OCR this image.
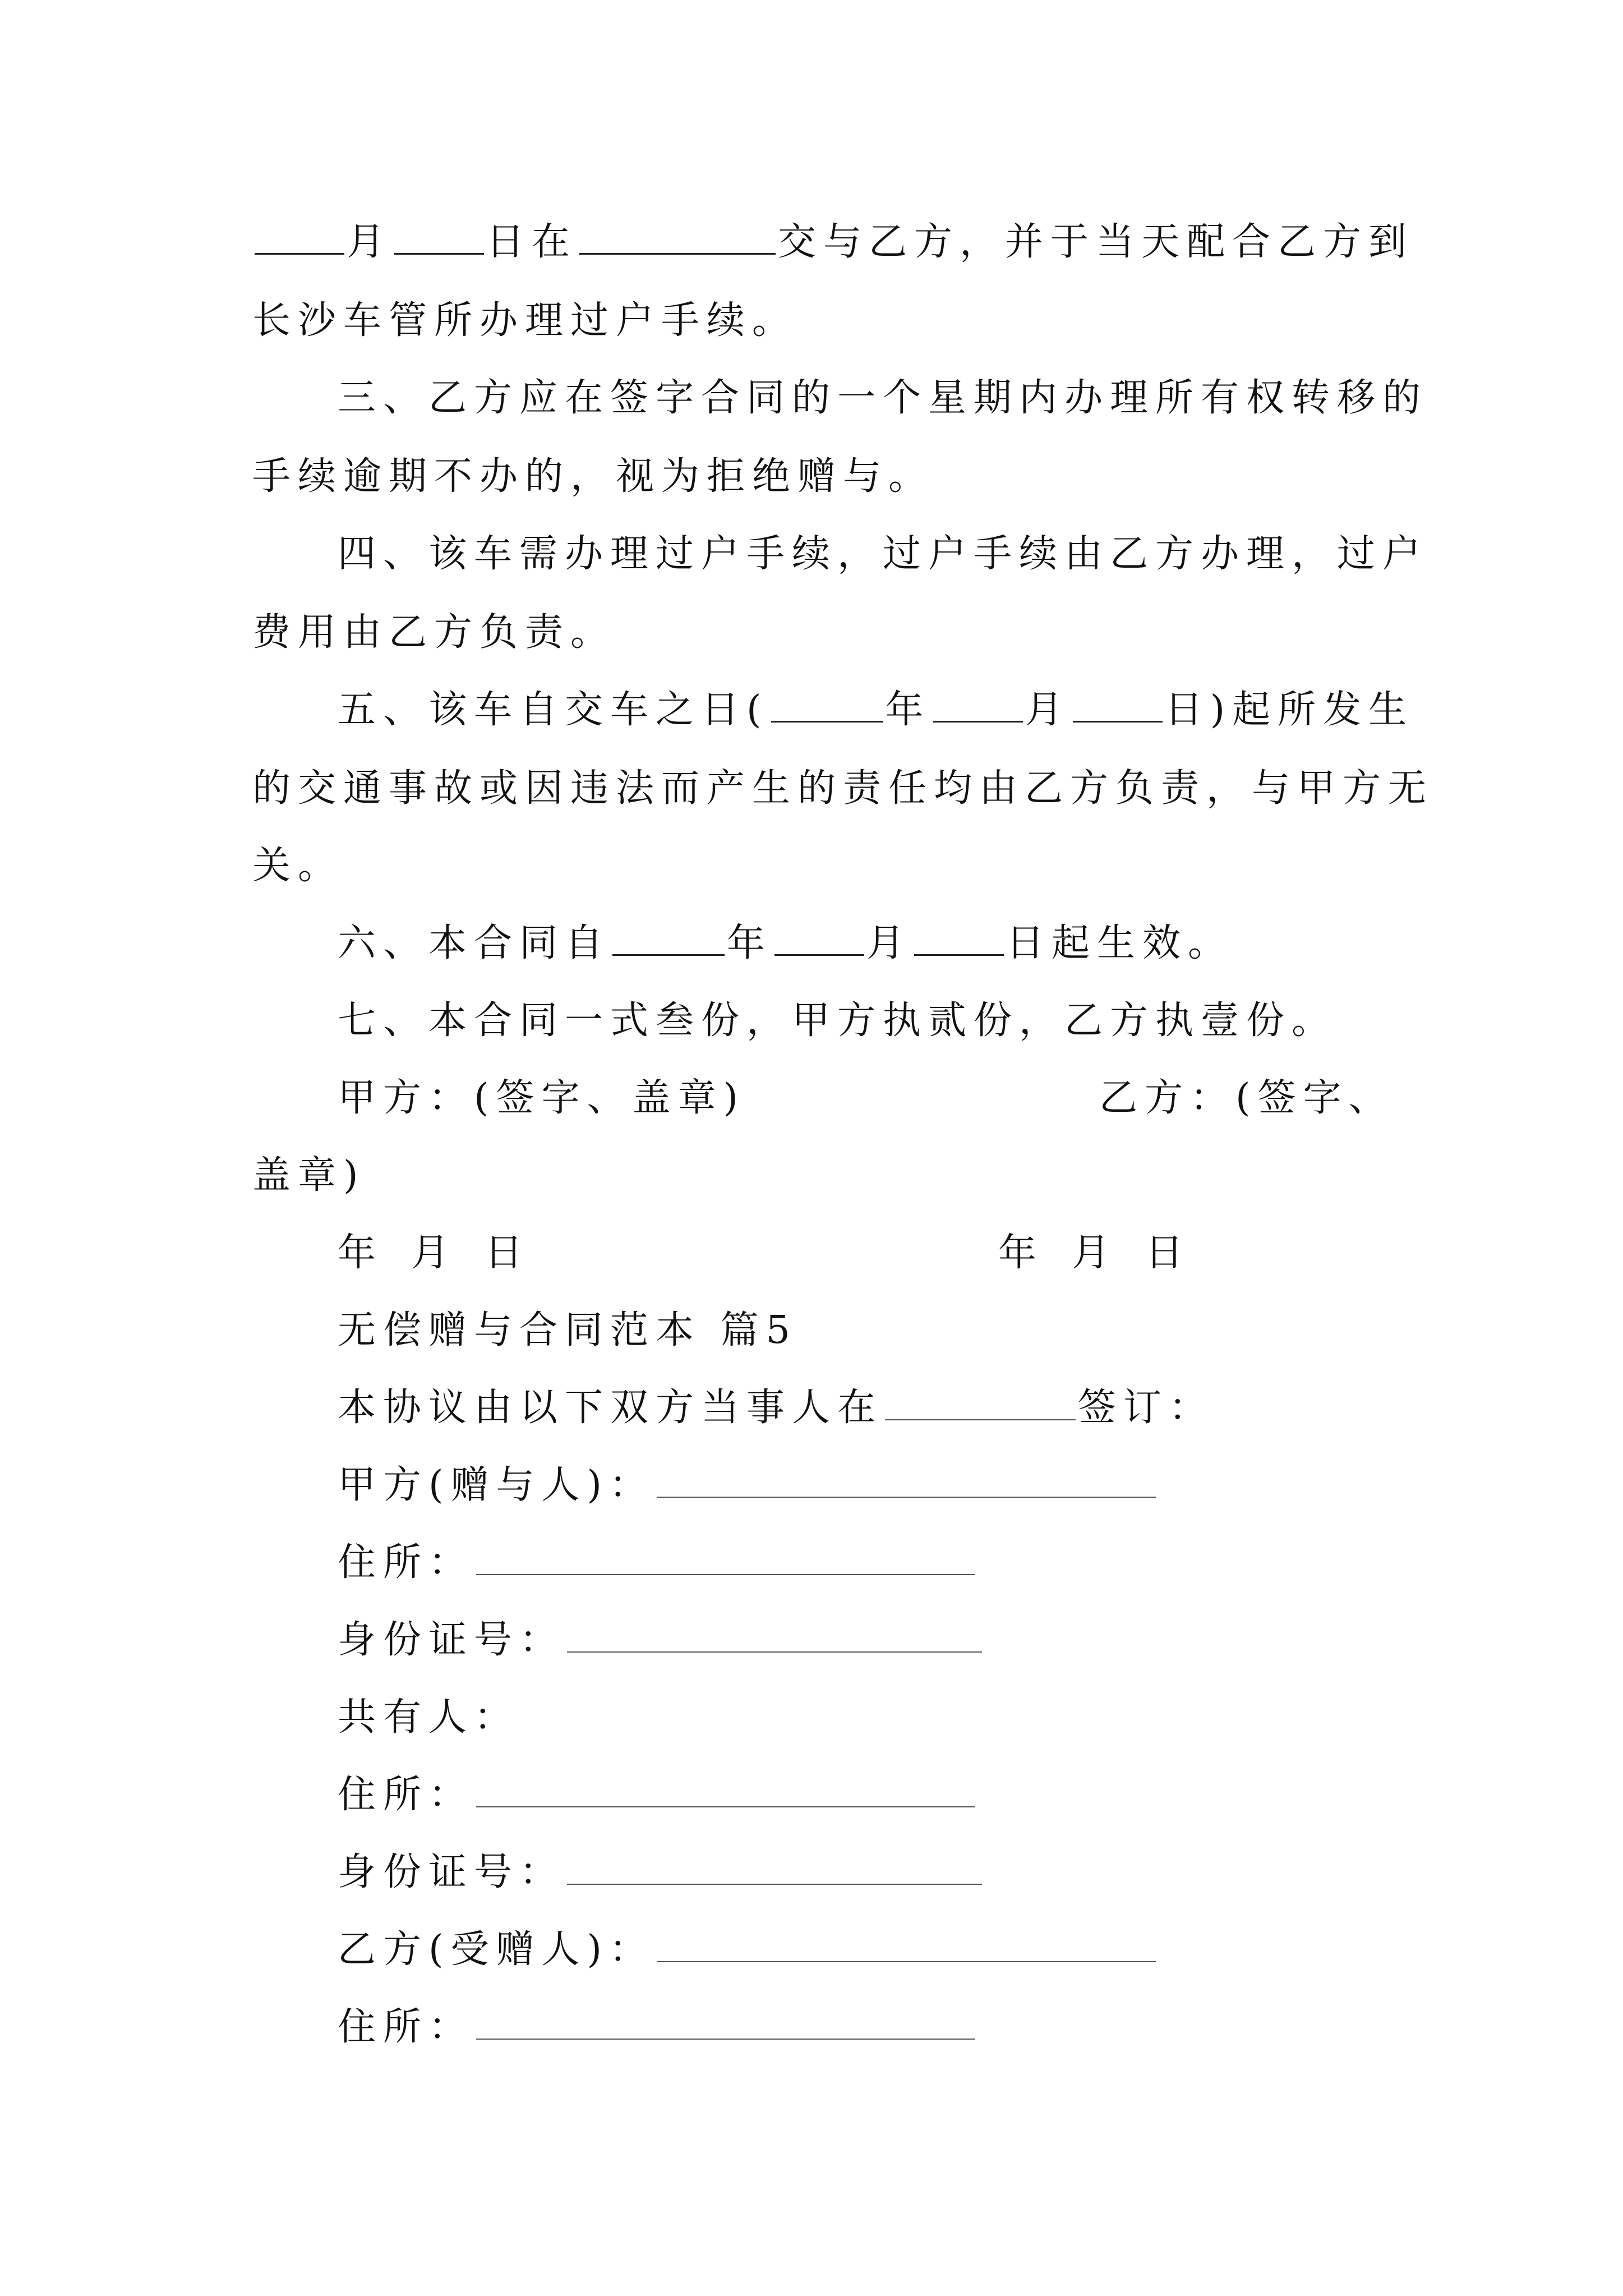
月 日在	交与乙方，并于当天配合乙方到
长沙车管所办理过户手续。
三、乙方应在签字合同的一个星期内办理所有权转移的
手续逾期不办的，视为拒绝赠与。
四、该车需办理过户手续，过户手续由乙方办理，过户
费用由乙方负责。
五、该车自交车之日(	年 月 日)起所发生
的交通事故或因违法而产生的责任均由乙方负责，与甲方无
关。
六、本合同自	年 月 日起生效。
七、本合同一式叁份，甲方执贰份，乙方执壹份。
甲方：(签字、盖章)	乙方：(签字、
盖章)
年 月 日	年 月 日
无偿赠与合同范本 篇5
本协议由以下双方当事人在	签订：
甲方(赠与人)：
住所：
身份证号：
共有人：
住所：
身份证号：
乙方(受赠人)：
住所：
